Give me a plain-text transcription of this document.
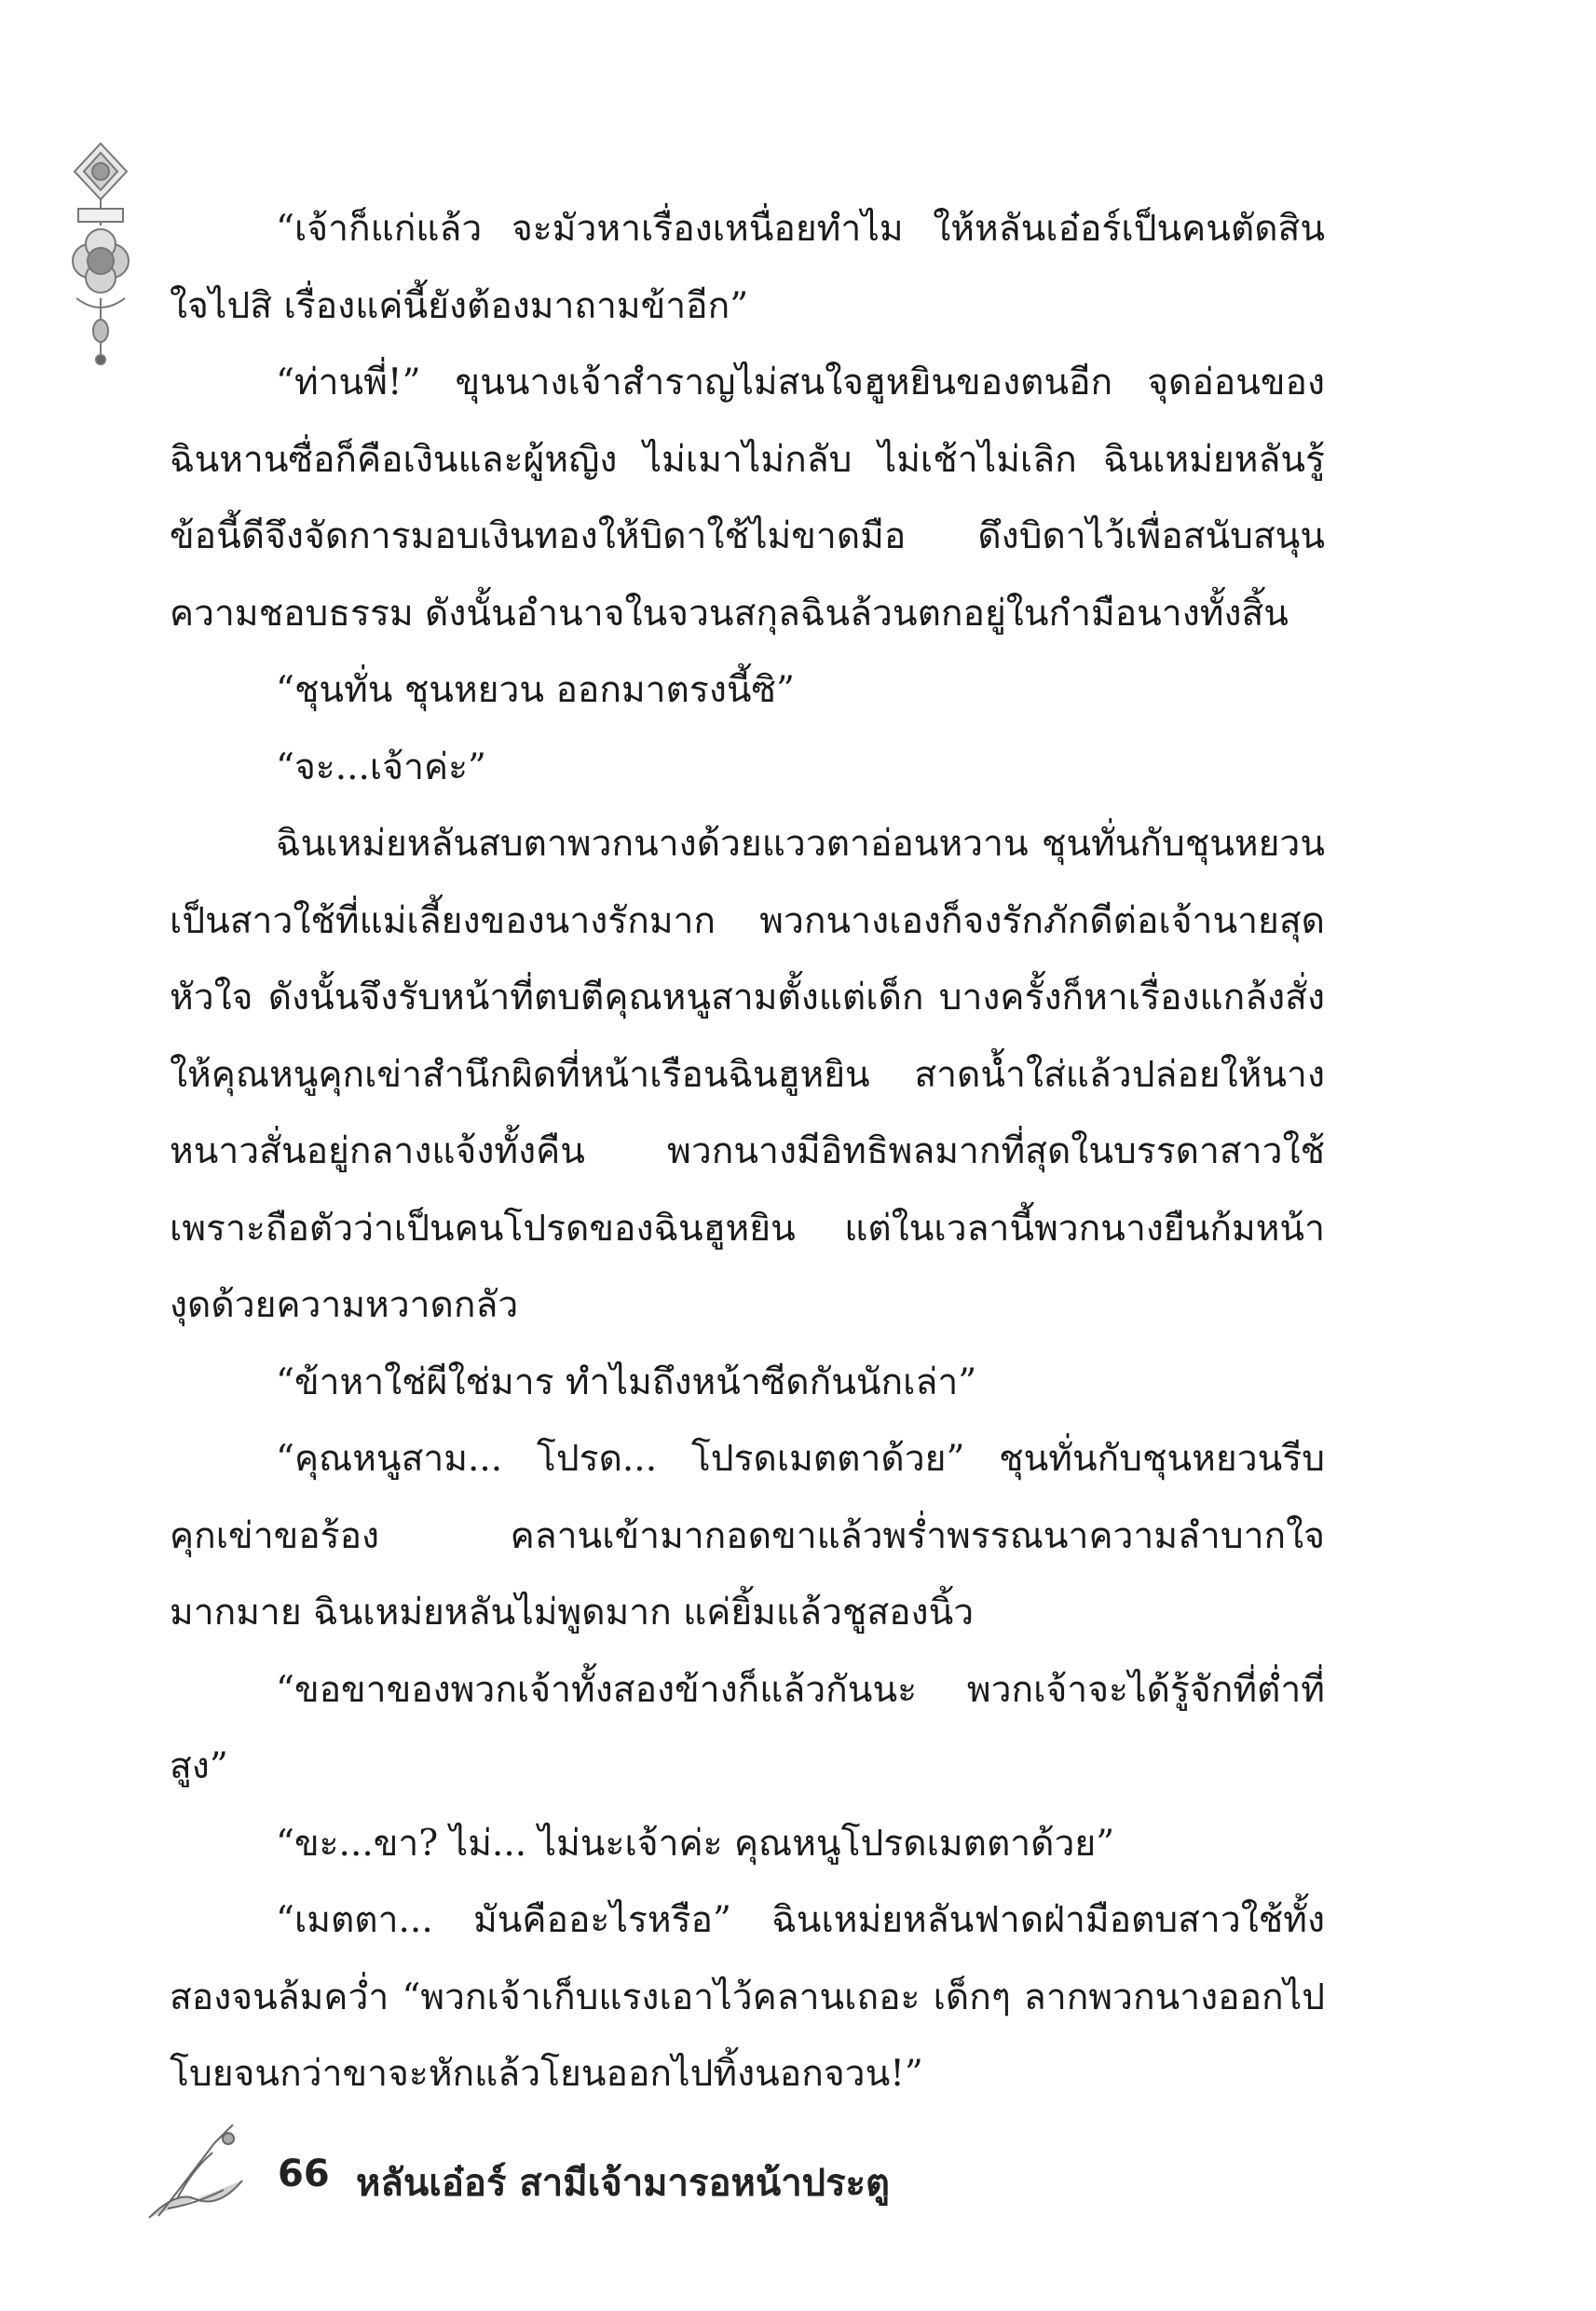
“เจ้าก็แก่แล้ว จะมัวหาเรื่องเหนื่อยทำไม ให้หลันเอ๋อร์เป็นคนตัดสินใจไปสิ เรื่องแค่นี้ยังต้องมาถามข้าอีก”

“ท่านพี่!” ขุนนางเจ้าสำราญไม่สนใจฮูหยินของตนอีก จุดอ่อนของฉินหานซื่อก็คือเงินและผู้หญิง ไม่เมาไม่กลับ ไม่เช้าไม่เลิก ฉินเหม่ยหลันรู้ข้อนี้ดีจึงจัดการมอบเงินทองให้บิดาใช้ไม่ขาดมือ ดึงบิดาไว้เพื่อสนับสนุนความชอบธรรม ดังนั้นอำนาจในจวนสกุลฉินล้วนตกอยู่ในกำมือนางทั้งสิ้น

“ชุนทั่น ชุนหยวน ออกมาตรงนี้ซิ”

“จะ...เจ้าค่ะ”

ฉินเหม่ยหลันสบตาพวกนางด้วยแววตาอ่อนหวาน ชุนทั่นกับชุนหยวนเป็นสาวใช้ที่แม่เลี้ยงของนางรักมาก พวกนางเองก็จงรักภักดีต่อเจ้านายสุดหัวใจ ดังนั้นจึงรับหน้าที่ตบตีคุณหนูสามตั้งแต่เด็ก บางครั้งก็หาเรื่องแกล้งสั่งให้คุณหนูคุกเข่าสำนึกผิดที่หน้าเรือนฉินฮูหยิน สาดน้ำใส่แล้วปล่อยให้นางหนาวสั่นอยู่กลางแจ้งทั้งคืน พวกนางมีอิทธิพลมากที่สุดในบรรดาสาวใช้เพราะถือตัวว่าเป็นคนโปรดของฉินฮูหยิน แต่ในเวลานี้พวกนางยืนก้มหน้างุดด้วยความหวาดกลัว

“ข้าหาใช่ผีใช่มาร ทำไมถึงหน้าซีดกันนักเล่า”

“คุณหนูสาม... โปรด... โปรดเมตตาด้วย” ชุนทั่นกับชุนหยวนรีบคุกเข่าขอร้อง คลานเข้ามากอดขาแล้วพร่ำพรรณนาความลำบากใจมากมาย ฉินเหม่ยหลันไม่พูดมาก แค่ยิ้มแล้วชูสองนิ้ว

“ขอขาของพวกเจ้าทั้งสองข้างก็แล้วกันนะ พวกเจ้าจะได้รู้จักที่ต่ำที่สูง”

“ขะ...ขา? ไม่... ไม่นะเจ้าค่ะ คุณหนูโปรดเมตตาด้วย”

“เมตตา... มันคืออะไรหรือ” ฉินเหม่ยหลันฟาดฝ่ามือตบสาวใช้ทั้งสองจนล้มคว่ำ “พวกเจ้าเก็บแรงเอาไว้คลานเถอะ เด็กๆ ลากพวกนางออกไป โบยจนกว่าขาจะหักแล้วโยนออกไปทิ้งนอกจวน!”

66 หลันเอ๋อร์ สามีเจ้ามารอหน้าประตู
